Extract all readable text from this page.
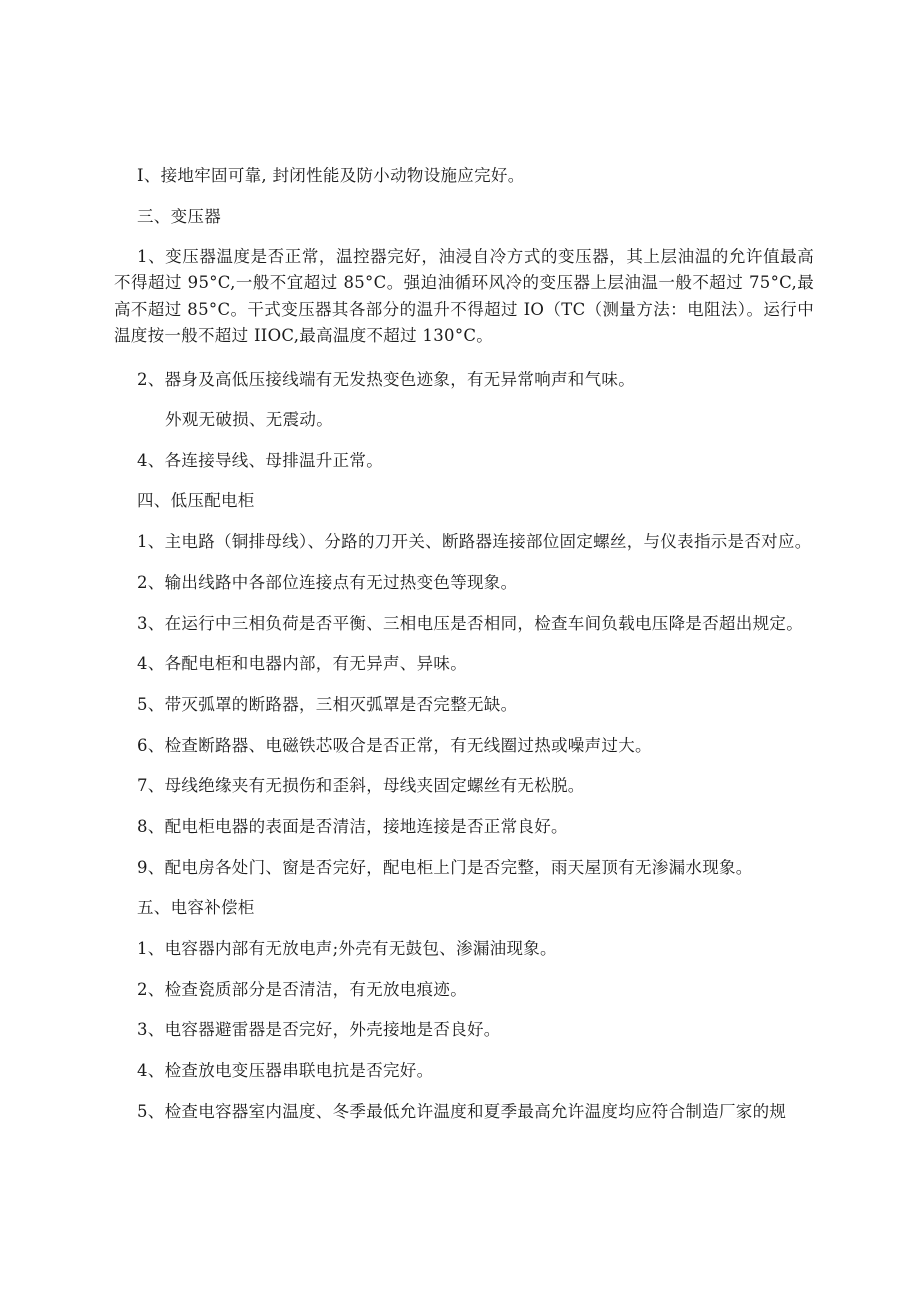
I、接地牢固可靠, 封闭性能及防小动物设施应完好。
三、变压器
1、变压器温度是否正常，温控器完好，油浸自冷方式的变压器，其上层油温的允许值最高不得超过 95°C,一般不宜超过 85°C。强迫油循环风冷的变压器上层油温一般不超过 75°C,最高不超过 85°C。干式变压器其各部分的温升不得超过 IO（TC（测量方法：电阻法）。运行中温度按一般不超过 IIOC,最高温度不超过 130°C。
2、器身及高低压接线端有无发热变色迹象，有无异常响声和气味。
外观无破损、无震动。
4、各连接导线、母排温升正常。
四、低压配电柜
1、主电路（铜排母线）、分路的刀开关、断路器连接部位固定螺丝，与仪表指示是否对应。
2、输出线路中各部位连接点有无过热变色等现象。
3、在运行中三相负荷是否平衡、三相电压是否相同，检查车间负载电压降是否超出规定。
4、各配电柜和电器内部，有无异声、异味。
5、带灭弧罩的断路器，三相灭弧罩是否完整无缺。
6、检查断路器、电磁铁芯吸合是否正常，有无线圈过热或噪声过大。
7、母线绝缘夹有无损伤和歪斜，母线夹固定螺丝有无松脱。
8、配电柜电器的表面是否清洁，接地连接是否正常良好。
9、配电房各处门、窗是否完好，配电柜上门是否完整，雨天屋顶有无渗漏水现象。
五、电容补偿柜
1、电容器内部有无放电声;外壳有无鼓包、渗漏油现象。
2、检查瓷质部分是否清洁，有无放电痕迹。
3、电容器避雷器是否完好，外壳接地是否良好。
4、检查放电变压器串联电抗是否完好。
5、检查电容器室内温度、冬季最低允许温度和夏季最高允许温度均应符合制造厂家的规
